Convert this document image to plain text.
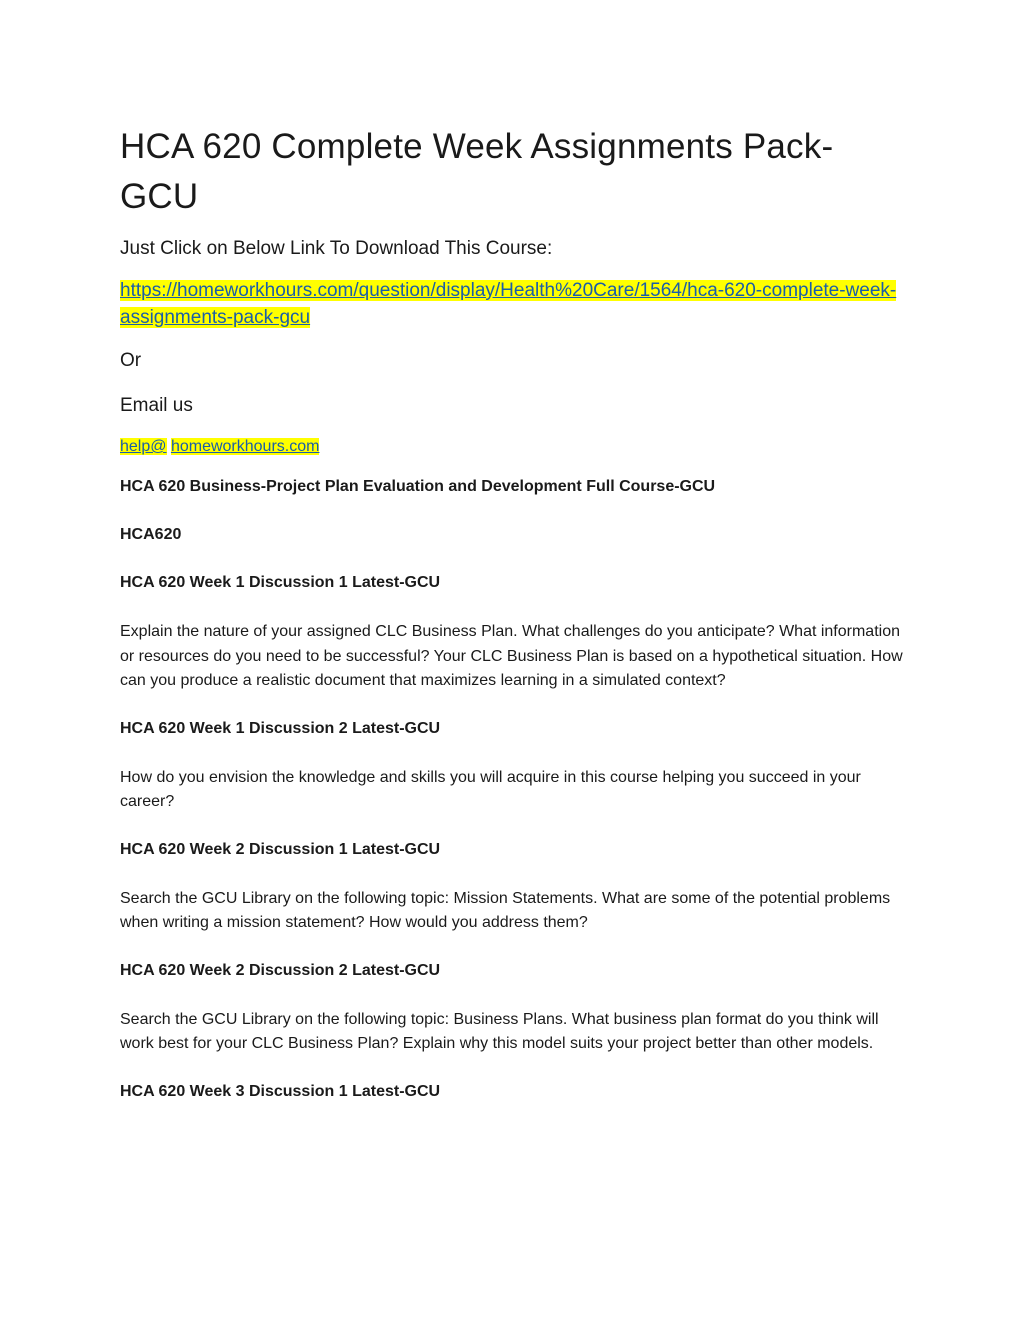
HCA 620 Complete Week Assignments Pack-GCU

Just Click on Below Link To Download This Course:

https://homeworkhours.com/question/display/Health%20Care/1564/hca-620-complete-week-assignments-pack-gcu

Or

Email us

help@ homeworkhours.com

HCA 620 Business-Project Plan Evaluation and Development Full Course-GCU

HCA620

HCA 620 Week 1 Discussion 1 Latest-GCU

Explain the nature of your assigned CLC Business Plan. What challenges do you anticipate? What information or resources do you need to be successful? Your CLC Business Plan is based on a hypothetical situation. How can you produce a realistic document that maximizes learning in a simulated context?

HCA 620 Week 1 Discussion 2 Latest-GCU

How do you envision the knowledge and skills you will acquire in this course helping you succeed in your career?

HCA 620 Week 2 Discussion 1 Latest-GCU

Search the GCU Library on the following topic: Mission Statements. What are some of the potential problems when writing a mission statement? How would you address them?

HCA 620 Week 2 Discussion 2 Latest-GCU

Search the GCU Library on the following topic: Business Plans. What business plan format do you think will work best for your CLC Business Plan? Explain why this model suits your project better than other models.

HCA 620 Week 3 Discussion 1 Latest-GCU
